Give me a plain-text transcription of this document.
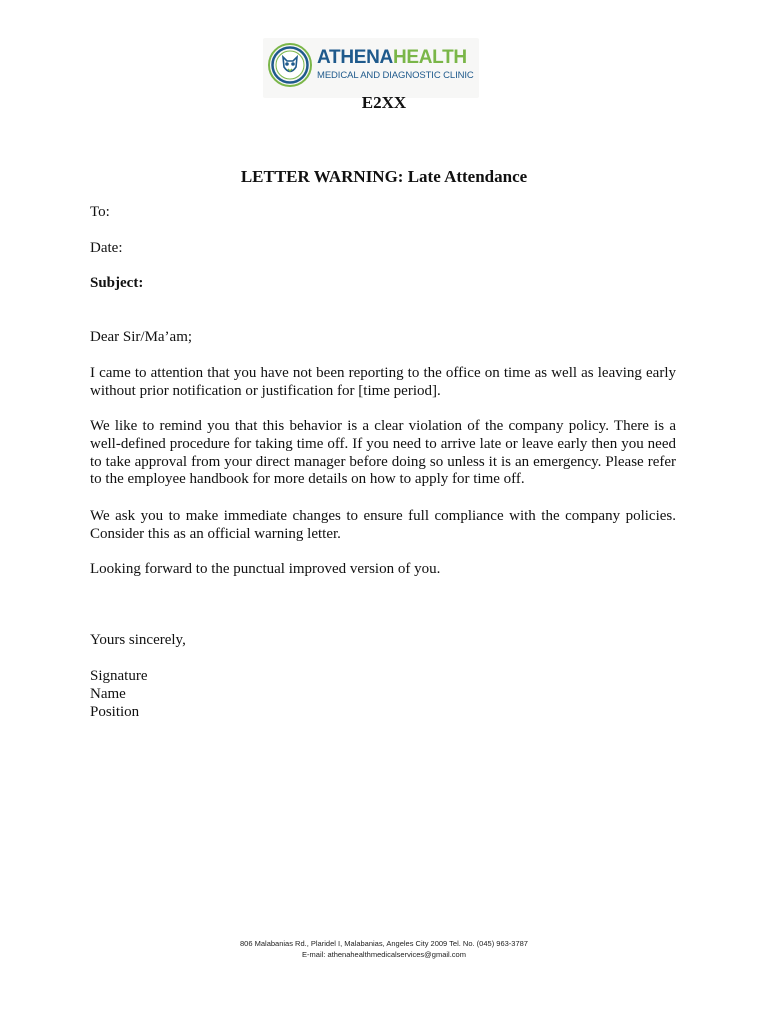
ATHENAHEALTH
MEDICAL AND DIAGNOSTIC CLINIC
E2XX
LETTER WARNING: Late Attendance
To:
Date:
Subject:
Dear Sir/Ma’am;
I came to attention that you have not been reporting to the office on time as well as leaving early without prior notification or justification for [time period].
We like to remind you that this behavior is a clear violation of the company policy. There is a well-defined procedure for taking time off. If you need to arrive late or leave early then you need to take approval from your direct manager before doing so unless it is an emergency. Please refer to the employee handbook for more details on how to apply for time off.
We ask you to make immediate changes to ensure full compliance with the company policies. Consider this as an official warning letter.
Looking forward to the punctual improved version of you.
Yours sincerely,
Signature
Name
Position
806 Malabanias Rd., Plaridel I, Malabanias, Angeles City 2009 Tel. No. (045) 963-3787
E-mail: athenahealthmedicalservices@gmail.com
